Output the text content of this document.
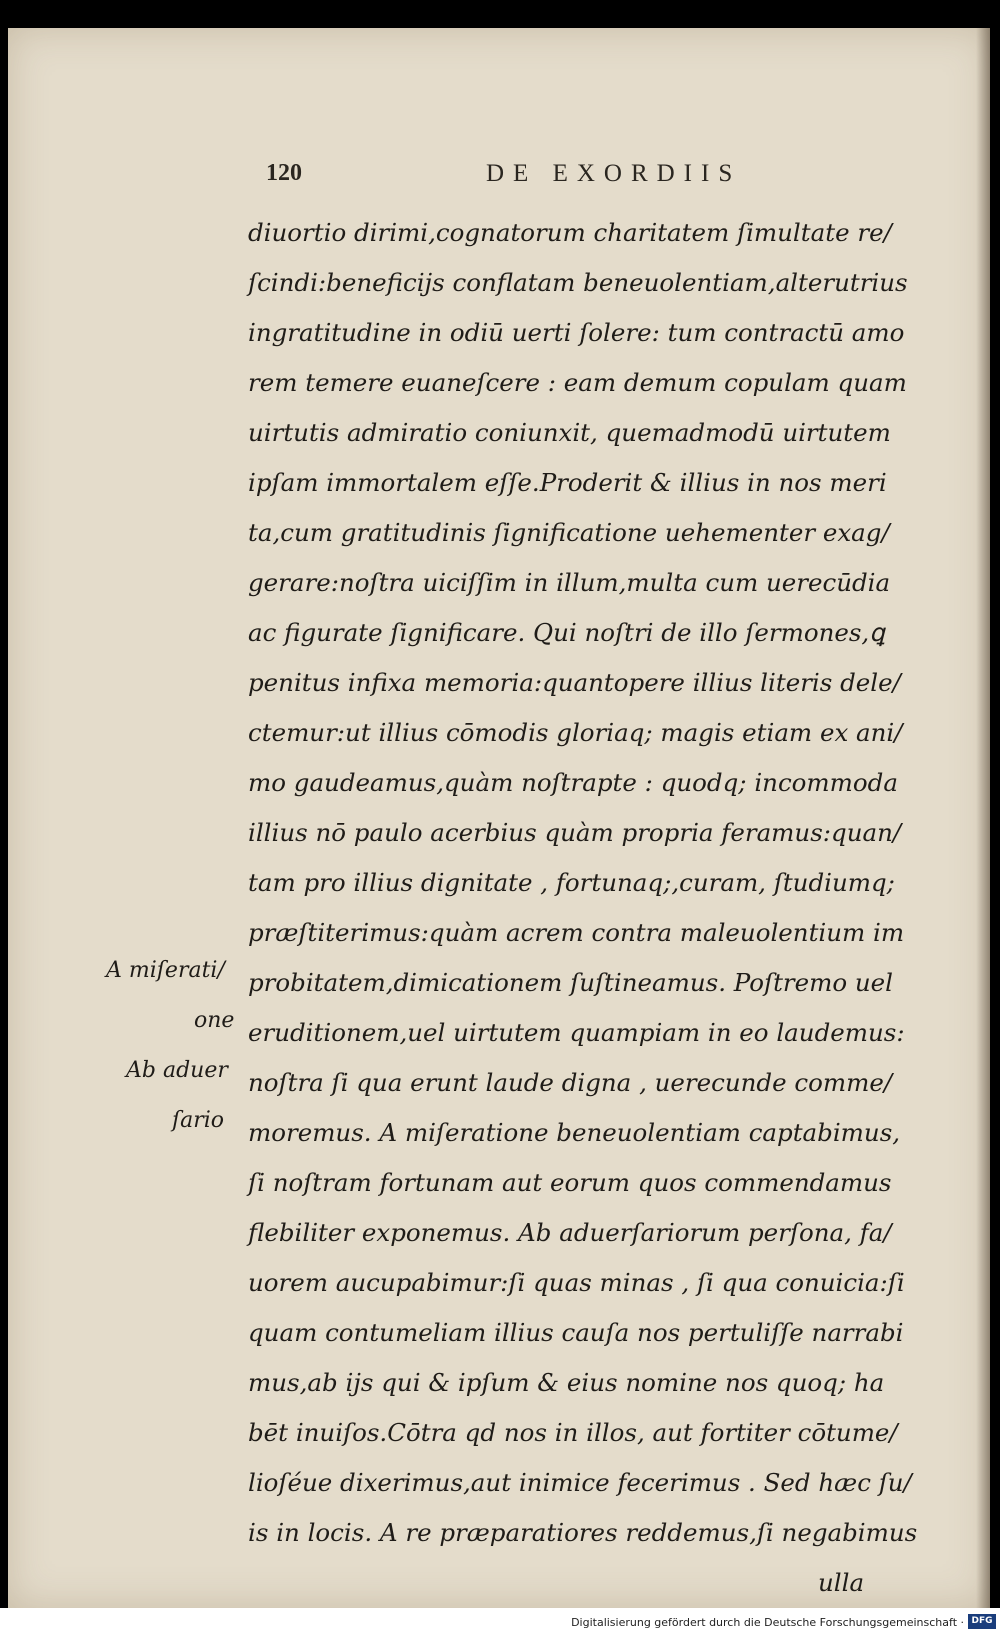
120	DE EXORDIIS
diuortio dirimi,cognatorum charitatem ſimultate re/
ſcindi:beneficijs conflatam beneuolentiam,alterutrius
ingratitudine in odiū uerti ſolere: tum contractū amo
rem temere euaneſcere : eam demum copulam quam
uirtutis admiratio coniunxit, quemadmodū uirtutem
ipſam immortalem eſſe.Proderit & illius in nos meri
ta,cum gratitudinis ſignificatione uehementer exag/
gerare:noſtra uiciſſim in illum,multa cum uerecūdia
ac figurate ſignificare. Qui noſtri de illo ſermones,ꝗ
penitus infixa memoria:quantopere illius literis dele/
ctemur:ut illius cōmodis gloriaq; magis etiam ex ani/
mo gaudeamus,quàm noſtrapte : quodq; incommoda
illius nō paulo acerbius quàm propria feramus:quan/
tam pro illius dignitate , fortunaq;,curam, ſtudiumq;
præſtiterimus:quàm acrem contra maleuolentium im
probitatem,dimicationem ſuſtineamus. Poſtremo uel
eruditionem,uel uirtutem quampiam in eo laudemus:
noſtra ſi qua erunt laude digna , uerecunde comme/
moremus. A miſeratione beneuolentiam captabimus,
ſi noſtram fortunam aut eorum quos commendamus
flebiliter exponemus. Ab aduerſariorum perſona, fa/
uorem aucupabimur:ſi quas minas , ſi qua conuicia:ſi
quam contumeliam illius cauſa nos pertuliſſe narrabi
mus,ab ijs qui & ipſum & eius nomine nos quoq; ha
bēt inuiſos.Cōtra qd nos in illos, aut fortiter cōtume/
lioſéue dixerimus,aut inimice fecerimus . Sed hæc ſu/
is in locis. A re præparatiores reddemus,ſi negabimus
ulla
A miſerati/
one
Ab aduer
ſario
Digitalisierung gefördert durch die Deutsche Forschungsgemeinschaft · DFG
